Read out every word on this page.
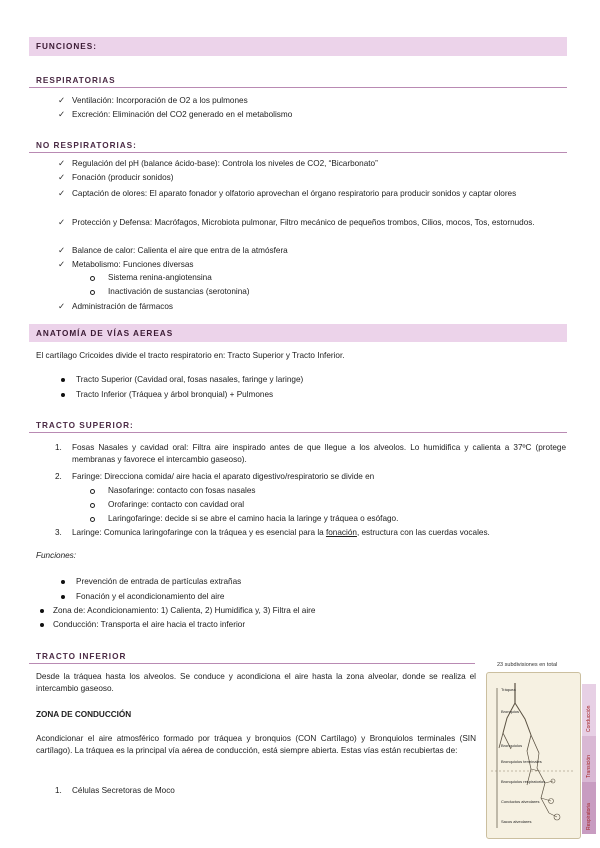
FUNCIONES:
RESPIRATORIAS
✓ Ventilación: Incorporación de O2 a los pulmones
✓ Excreción: Eliminación del CO2 generado en el metabolismo
NO RESPIRATORIAS:
✓ Regulación del pH (balance ácido-base): Controla los niveles de CO2, “Bicarbonato”
✓ Fonación (producir sonidos)
✓ Captación de olores: El aparato fonador y olfatorio aprovechan el órgano respiratorio para producir sonidos y captar olores
✓ Protección y Defensa: Macrófagos, Microbiota pulmonar, Filtro mecánico de pequeños trombos, Cilios, mocos, Tos, estornudos.
✓ Balance de calor: Calienta el aire que entra de la atmósfera
✓ Metabolismo: Funciones diversas
Sistema renina-angiotensina
Inactivación de sustancias (serotonina)
✓ Administración de fármacos
ANATOMÍA DE VÍAS AEREAS
El cartílago Cricoides divide el tracto respiratorio en: Tracto Superior y Tracto Inferior.
Tracto Superior (Cavidad oral, fosas nasales, faringe y laringe)
Tracto Inferior (Tráquea y árbol bronquial) + Pulmones
TRACTO SUPERIOR:
1. Fosas Nasales y cavidad oral: Filtra aire inspirado antes de que llegue a los alveolos. Lo humidifica y calienta a 37ºC (protege membranas y favorece el intercambio gaseoso).
2. Faringe: Direcciona comida/ aire hacia el aparato digestivo/respiratorio se divide en
Nasofaringe: contacto con fosas nasales
Orofaringe: contacto con cavidad oral
Laringofaringe: decide si se abre el camino hacia la laringe y tráquea o esófago.
3. Laringe: Comunica laringofaringe con la tráquea y es esencial para la fonación, estructura con las cuerdas vocales.
Funciones:
Prevención de entrada de partículas extrañas
Fonación y el acondicionamiento del aire
Zona de: Acondicionamiento: 1) Calienta, 2) Humidifica y, 3) Filtra el aire
Conducción: Transporta el aire hacia el tracto inferior
TRACTO INFERIOR
Desde la tráquea hasta los alveolos. Se conduce y acondiciona el aire hasta la zona alveolar, donde se realiza el intercambio gaseoso.
ZONA DE CONDUCCIÓN
Acondicionar el aire atmosférico formado por tráquea y bronquios (CON Cartílago) y Bronquiolos terminales (SIN cartílago). La tráquea es la principal vía aérea de conducción, está siempre abierta. Estas vías están recubiertas de:
1. Células Secretoras de Moco
23 subdivisiones en total
Tráquea
Bronquios
Bronquiolos
Bronquiolos terminales
Bronquiolos respiratorios
Conductos alveolares
Sacos alveolares
Conducción
Transición
Respiratoria
